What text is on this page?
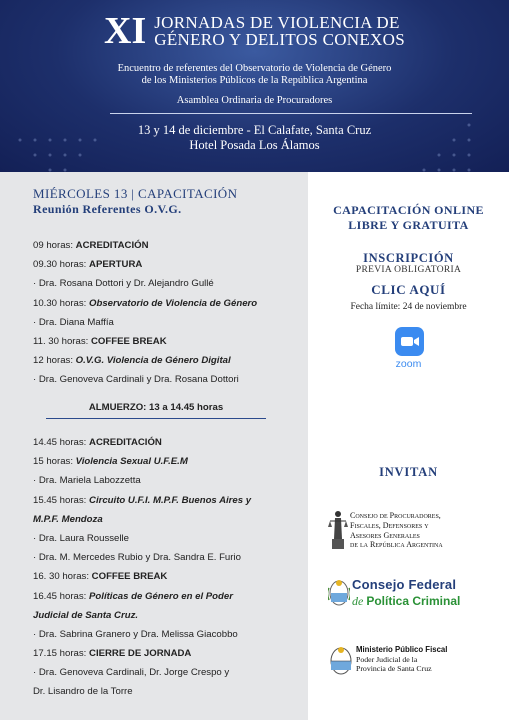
XI JORNADAS DE VIOLENCIA DE
GÉNERO Y DELITOS CONEXOS
Encuentro de referentes del Observatorio de Violencia de Género
de los Ministerios Públicos de la República Argentina
Asamblea Ordinaria de Procuradores
13 y 14 de diciembre - El Calafate, Santa Cruz
Hotel Posada Los Álamos
MIÉRCOLES 13 | CAPACITACIÓN
Reunión Referentes O.V.G.
09 horas: ACREDITACIÓN
09.30 horas: APERTURA
· Dra. Rosana Dottori y Dr. Alejandro Gullé
10.30 horas: Observatorio de Violencia de Género
· Dra. Diana Maffía
11. 30 horas: COFFEE BREAK
12 horas: O.V.G. Violencia de Género Digital
· Dra. Genoveva Cardinali y Dra. Rosana Dottori
ALMUERZO: 13 a 14.45 horas
14.45 horas: ACREDITACIÓN
15 horas: Violencia Sexual U.F.E.M
· Dra. Mariela Labozzetta
15.45 horas: Circuito U.F.I. M.P.F. Buenos Aires y
M.P.F. Mendoza
· Dra. Laura Rousselle
· Dra. M. Mercedes Rubio y Dra. Sandra E. Furio
16. 30 horas: COFFEE BREAK
16.45 horas: Políticas de Género en el Poder
Judicial de Santa Cruz.
· Dra. Sabrina Granero y Dra. Melissa Giacobbo
17.15 horas: CIERRE DE JORNADA
· Dra. Genoveva Cardinali, Dr. Jorge Crespo y
Dr. Lisandro de la Torre
CAPACITACIÓN ONLINE
LIBRE Y GRATUITA
INSCRIPCIÓN
PREVIA OBLIGATORIA
CLIC AQUÍ
Fecha límite: 24 de noviembre
zoom
INVITAN
Consejo de Procuradores,
Fiscales, Defensores y
Asesores Generales
de la República Argentina
Consejo Federal
de Política Criminal
Ministerio Público Fiscal
Poder Judicial de la
Provincia de Santa Cruz
